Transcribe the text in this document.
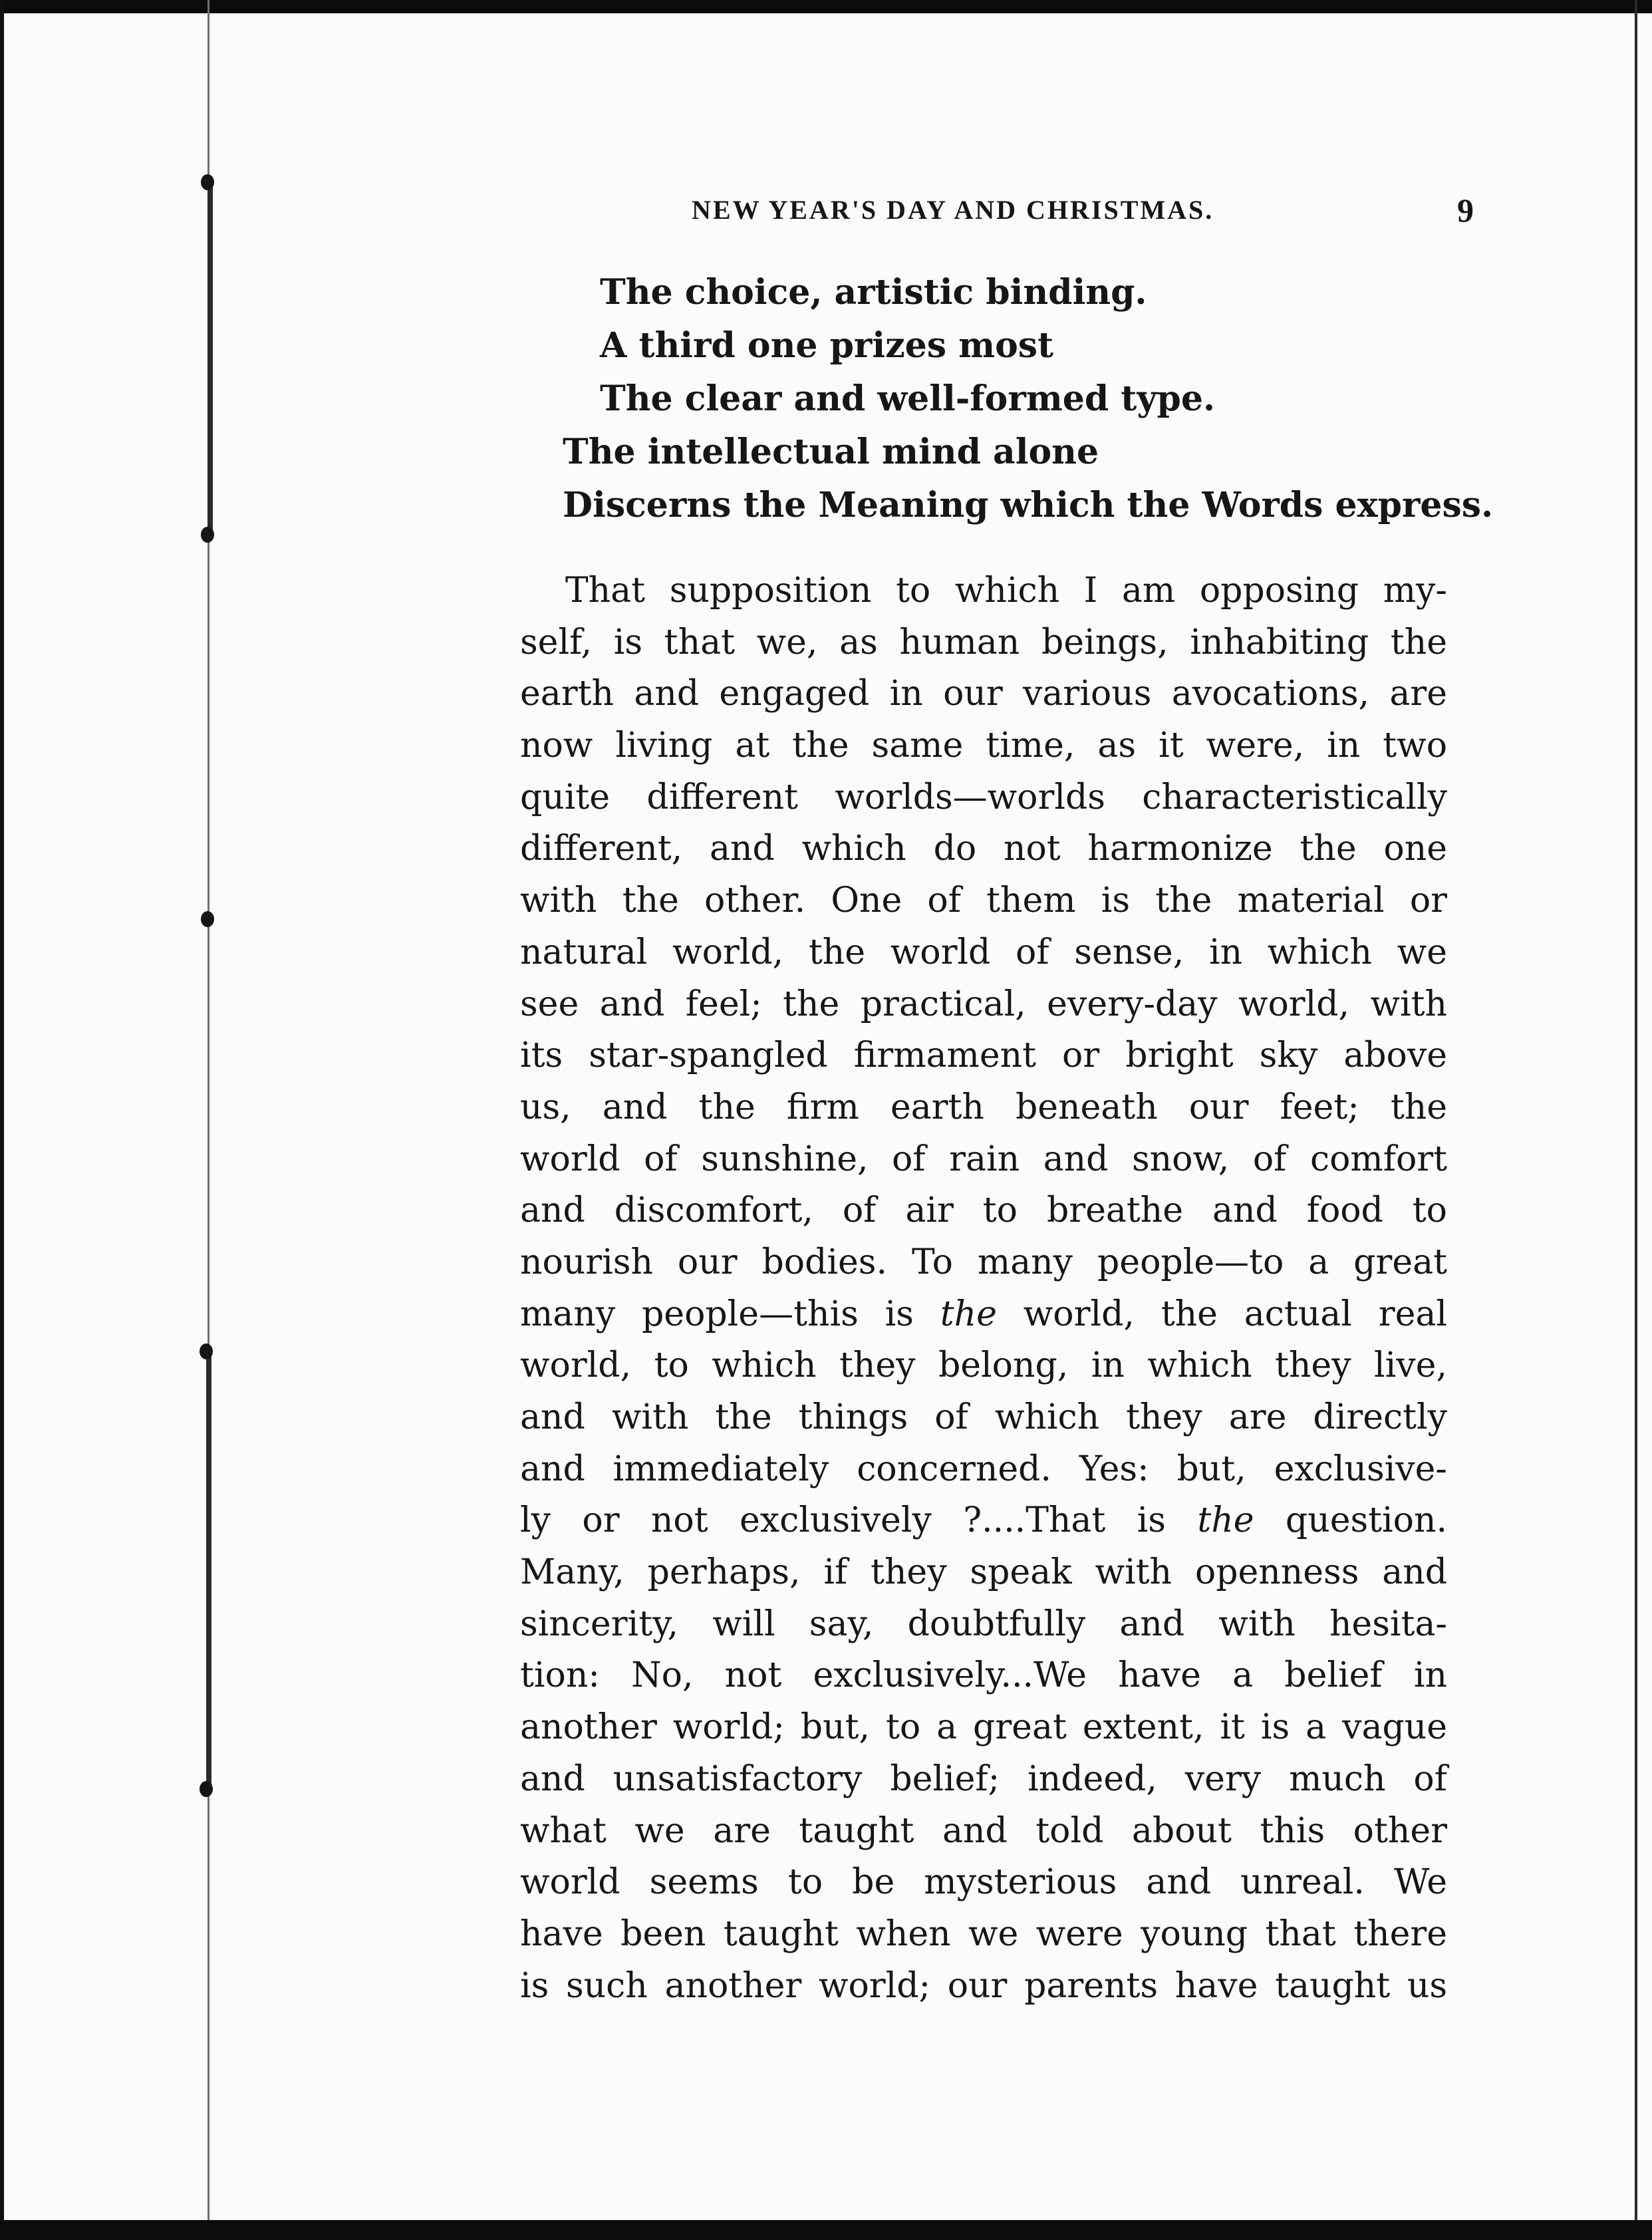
NEW YEAR'S DAY AND CHRISTMAS.	9
The choice, artistic binding.
A third one prizes most
The clear and well-formed type.
The intellectual mind alone
Discerns the Meaning which the Words express.
That supposition to which I am opposing my-
self, is that we, as human beings, inhabiting the
earth and engaged in our various avocations, are
now living at the same time, as it were, in two
quite different worlds—worlds characteristically
different, and which do not harmonize the one
with the other. One of them is the material or
natural world, the world of sense, in which we
see and feel; the practical, every-day world, with
its star-spangled firmament or bright sky above
us, and the firm earth beneath our feet; the
world of sunshine, of rain and snow, of comfort
and discomfort, of air to breathe and food to
nourish our bodies. To many people—to a great
many people—this is the world, the actual real
world, to which they belong, in which they live,
and with the things of which they are directly
and immediately concerned. Yes: but, exclusive-
ly or not exclusively ?....That is the question.
Many, perhaps, if they speak with openness and
sincerity, will say, doubtfully and with hesita-
tion: No, not exclusively...We have a belief in
another world; but, to a great extent, it is a vague
and unsatisfactory belief; indeed, very much of
what we are taught and told about this other
world seems to be mysterious and unreal. We
have been taught when we were young that there
is such another world; our parents have taught us
